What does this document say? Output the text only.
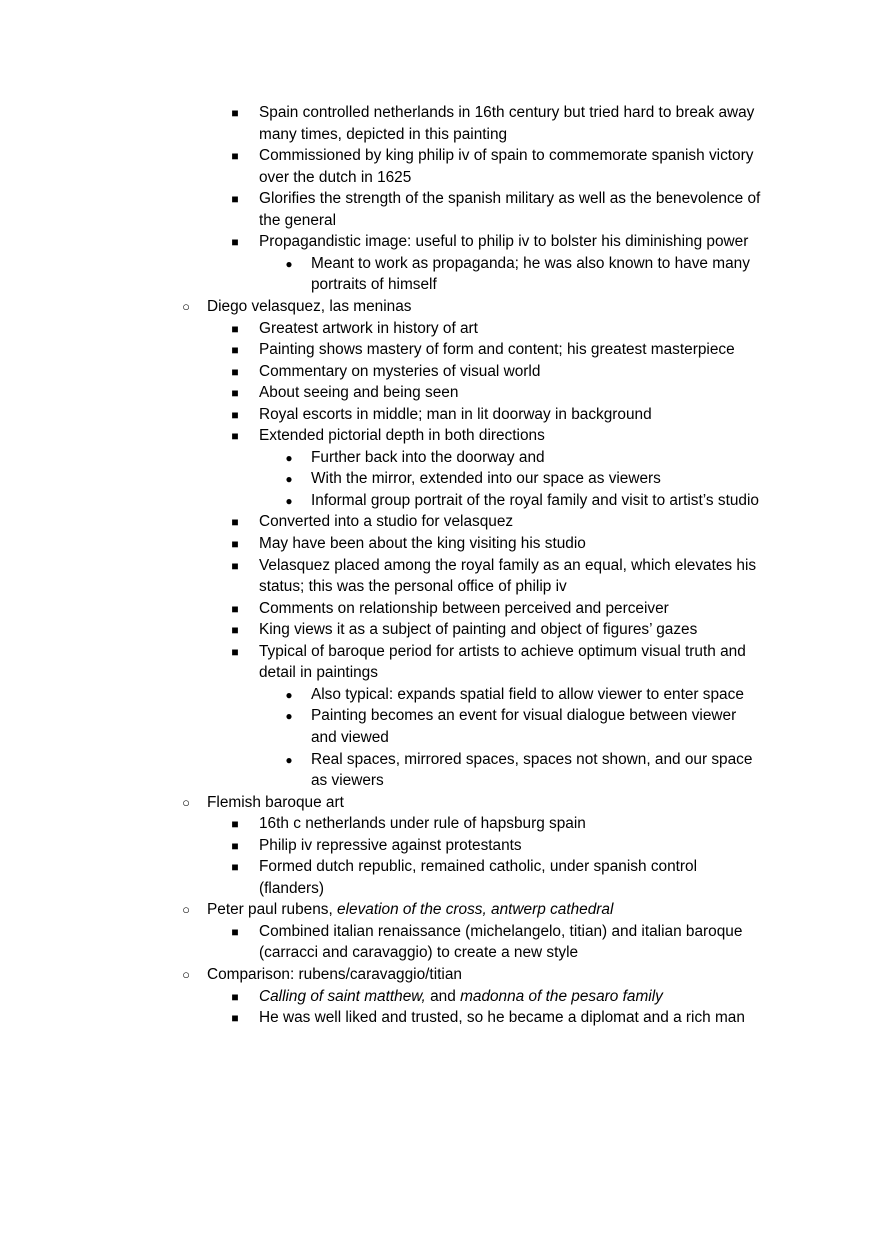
■ Spain controlled netherlands in 16th century but tried hard to break away
many times, depicted in this painting
■ Commissioned by king philip iv of spain to commemorate spanish victory
over the dutch in 1625
■ Glorifies the strength of the spanish military as well as the benevolence of
the general
■ Propagandistic image: useful to philip iv to bolster his diminishing power
● Meant to work as propaganda; he was also known to have many
portraits of himself
○ Diego velasquez, las meninas
■ Greatest artwork in history of art
■ Painting shows mastery of form and content; his greatest masterpiece
■ Commentary on mysteries of visual world
■ About seeing and being seen
■ Royal escorts in middle; man in lit doorway in background
■ Extended pictorial depth in both directions
● Further back into the doorway and
● With the mirror, extended into our space as viewers
● Informal group portrait of the royal family and visit to artist’s studio
■ Converted into a studio for velasquez
■ May have been about the king visiting his studio
■ Velasquez placed among the royal family as an equal, which elevates his
status; this was the personal office of philip iv
■ Comments on relationship between perceived and perceiver
■ King views it as a subject of painting and object of figures’ gazes
■ Typical of baroque period for artists to achieve optimum visual truth and
detail in paintings
● Also typical: expands spatial field to allow viewer to enter space
● Painting becomes an event for visual dialogue between viewer
and viewed
● Real spaces, mirrored spaces, spaces not shown, and our space
as viewers
○ Flemish baroque art
■ 16th c netherlands under rule of hapsburg spain
■ Philip iv repressive against protestants
■ Formed dutch republic, remained catholic, under spanish control
(flanders)
○ Peter paul rubens, elevation of the cross, antwerp cathedral
■ Combined italian renaissance (michelangelo, titian) and italian baroque
(carracci and caravaggio) to create a new style
○ Comparison: rubens/caravaggio/titian
■ Calling of saint matthew, and madonna of the pesaro family
■ He was well liked and trusted, so he became a diplomat and a rich man
